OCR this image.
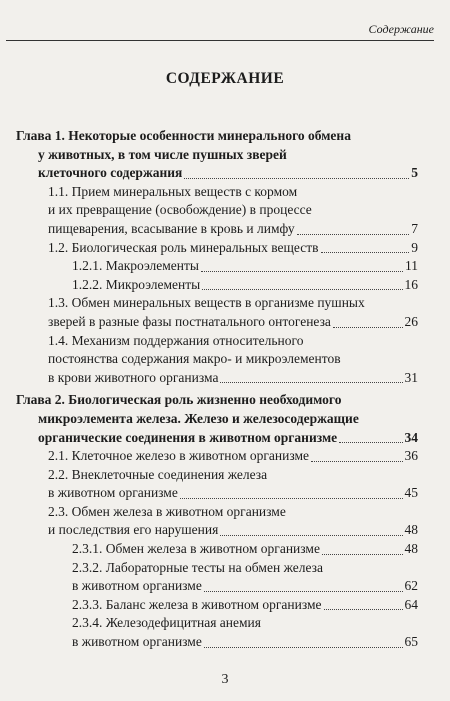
Содержание
СОДЕРЖАНИЕ
Глава 1. Некоторые особенности минерального обмена
у животных, в том числе пушных зверей
клеточного содержания	5
1.1. Прием минеральных веществ с кормом
и их превращение (освобождение) в процессе
пищеварения, всасывание в кровь и лимфу	7
1.2. Биологическая роль минеральных веществ	9
1.2.1. Макроэлементы	11
1.2.2. Микроэлементы	16
1.3. Обмен минеральных веществ в организме пушных
зверей в разные фазы постнатального онтогенеза	26
1.4. Механизм поддержания относительного
постоянства содержания макро- и микроэлементов
в крови животного организма	31
Глава 2. Биологическая роль жизненно необходимого
микроэлемента железа. Железо и железосодержащие
органические соединения в животном организме	34
2.1. Клеточное железо в животном организме	36
2.2. Внеклеточные соединения железа
в животном организме	45
2.3. Обмен железа в животном организме
и последствия его нарушения	48
2.3.1. Обмен железа в животном организме	48
2.3.2. Лабораторные тесты на обмен железа
в животном организме	62
2.3.3. Баланс железа в животном организме	64
2.3.4. Железодефицитная анемия
в животном организме	65
3
